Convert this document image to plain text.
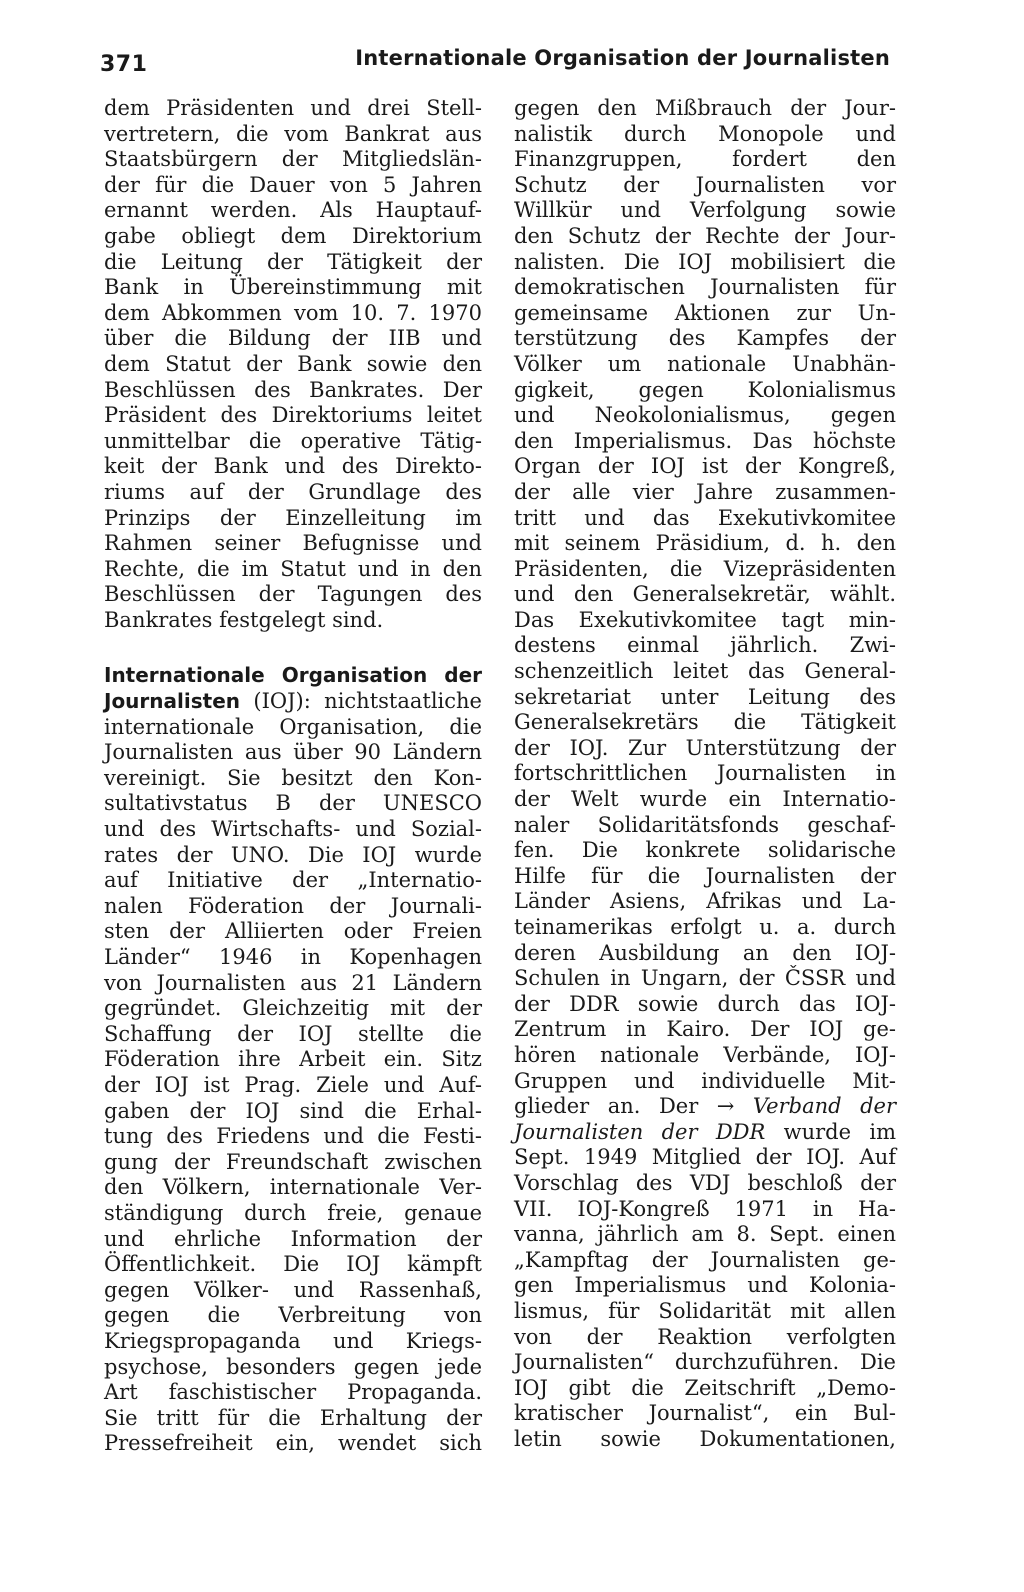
371	Internationale Organisation der Journalisten
dem Präsidenten und drei Stell-
vertretern, die vom Bankrat aus
Staatsbürgern der Mitgliedslän-
der für die Dauer von 5 Jahren
ernannt werden. Als Hauptauf-
gabe obliegt dem Direktorium
die Leitung der Tätigkeit der
Bank in Übereinstimmung mit
dem Abkommen vom 10. 7. 1970
über die Bildung der IIB und
dem Statut der Bank sowie den
Beschlüssen des Bankrates. Der
Präsident des Direktoriums leitet
unmittelbar die operative Tätig-
keit der Bank und des Direkto-
riums auf der Grundlage des
Prinzips der Einzelleitung im
Rahmen seiner Befugnisse und
Rechte, die im Statut und in den
Beschlüssen der Tagungen des
Bankrates festgelegt sind.
Internationale Organisation der
Journalisten (IOJ): nichtstaatliche
internationale Organisation, die
Journalisten aus über 90 Ländern
vereinigt. Sie besitzt den Kon-
sultativstatus B der UNESCO
und des Wirtschafts- und Sozial-
rates der UNO. Die IOJ wurde
auf Initiative der „Internatio-
nalen Föderation der Journali-
sten der Alliierten oder Freien
Länder“ 1946 in Kopenhagen
von Journalisten aus 21 Ländern
gegründet. Gleichzeitig mit der
Schaffung der IOJ stellte die
Föderation ihre Arbeit ein. Sitz
der IOJ ist Prag. Ziele und Auf-
gaben der IOJ sind die Erhal-
tung des Friedens und die Festi-
gung der Freundschaft zwischen
den Völkern, internationale Ver-
ständigung durch freie, genaue
und ehrliche Information der
Öffentlichkeit. Die IOJ kämpft
gegen Völker- und Rassenhaß,
gegen die Verbreitung von
Kriegspropaganda und Kriegs-
psychose, besonders gegen jede
Art faschistischer Propaganda.
Sie tritt für die Erhaltung der
Pressefreiheit ein, wendet sich
gegen den Mißbrauch der Jour-
nalistik durch Monopole und
Finanzgruppen, fordert den
Schutz der Journalisten vor
Willkür und Verfolgung sowie
den Schutz der Rechte der Jour-
nalisten. Die IOJ mobilisiert die
demokratischen Journalisten für
gemeinsame Aktionen zur Un-
terstützung des Kampfes der
Völker um nationale Unabhän-
gigkeit, gegen Kolonialismus
und Neokolonialismus, gegen
den Imperialismus. Das höchste
Organ der IOJ ist der Kongreß,
der alle vier Jahre zusammen-
tritt und das Exekutivkomitee
mit seinem Präsidium, d. h. den
Präsidenten, die Vizepräsidenten
und den Generalsekretär, wählt.
Das Exekutivkomitee tagt min-
destens einmal jährlich. Zwi-
schenzeitlich leitet das General-
sekretariat unter Leitung des
Generalsekretärs die Tätigkeit
der IOJ. Zur Unterstützung der
fortschrittlichen Journalisten in
der Welt wurde ein Internatio-
naler Solidaritätsfonds geschaf-
fen. Die konkrete solidarische
Hilfe für die Journalisten der
Länder Asiens, Afrikas und La-
teinamerikas erfolgt u. a. durch
deren Ausbildung an den IOJ-
Schulen in Ungarn, der ČSSR und
der DDR sowie durch das IOJ-
Zentrum in Kairo. Der IOJ ge-
hören nationale Verbände, IOJ-
Gruppen und individuelle Mit-
glieder an. Der → Verband der
Journalisten der DDR wurde im
Sept. 1949 Mitglied der IOJ. Auf
Vorschlag des VDJ beschloß der
VII. IOJ-Kongreß 1971 in Ha-
vanna, jährlich am 8. Sept. einen
„Kampftag der Journalisten ge-
gen Imperialismus und Kolonia-
lismus, für Solidarität mit allen
von der Reaktion verfolgten
Journalisten“ durchzuführen. Die
IOJ gibt die Zeitschrift „Demo-
kratischer Journalist“, ein Bul-
letin sowie Dokumentationen,
